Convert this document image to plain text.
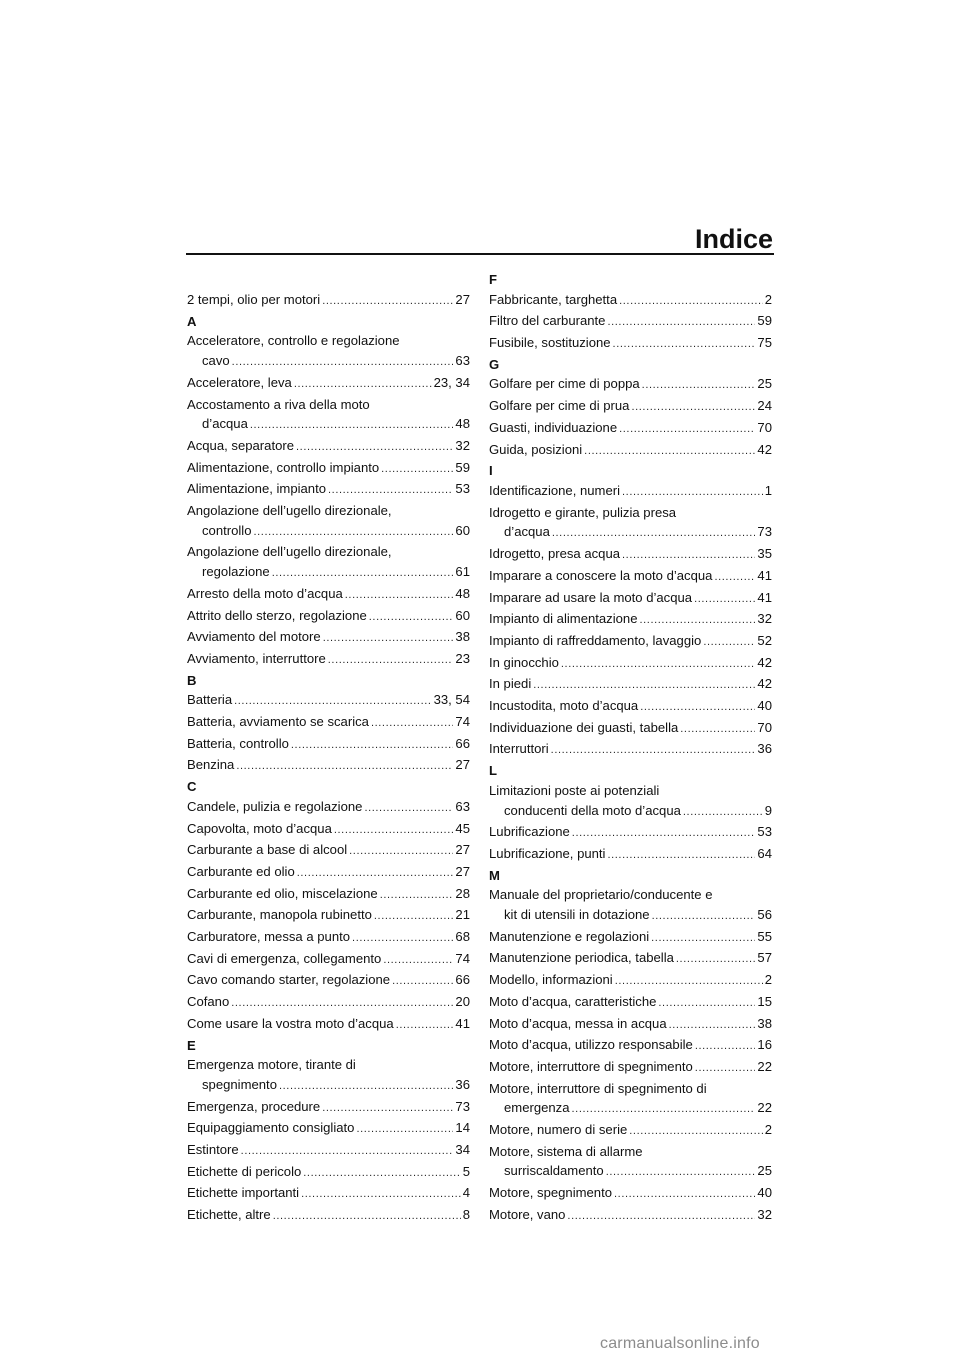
Indice
2 tempi, olio per motori .....	27
A
Acceleratore, controllo e regolazione
cavo .....	63
Acceleratore, leva .....	23, 34
Accostamento a riva della moto
d’acqua .....	48
Acqua, separatore .....	32
Alimentazione, controllo impianto .....	59
Alimentazione, impianto .....	53
Angolazione dell’ugello direzionale,
controllo .....	60
Angolazione dell’ugello direzionale,
regolazione .....	61
Arresto della moto d’acqua .....	48
Attrito dello sterzo, regolazione .....	60
Avviamento del motore .....	38
Avviamento, interruttore .....	23
B
Batteria .....	33, 54
Batteria, avviamento se scarica .....	74
Batteria, controllo .....	66
Benzina .....	27
C
Candele, pulizia e regolazione .....	63
Capovolta, moto d’acqua .....	45
Carburante a base di alcool .....	27
Carburante ed olio .....	27
Carburante ed olio, miscelazione .....	28
Carburante, manopola rubinetto .....	21
Carburatore, messa a punto .....	68
Cavi di emergenza, collegamento .....	74
Cavo comando starter, regolazione .....	66
Cofano .....	20
Come usare la vostra moto d’acqua .....	41
E
Emergenza motore, tirante di
spegnimento .....	36
Emergenza, procedure .....	73
Equipaggiamento consigliato .....	14
Estintore .....	34
Etichette di pericolo .....	5
Etichette importanti .....	4
Etichette, altre .....	8
F
Fabbricante, targhetta .....	2
Filtro del carburante .....	59
Fusibile, sostituzione .....	75
G
Golfare per cime di poppa .....	25
Golfare per cime di prua .....	24
Guasti, individuazione .....	70
Guida, posizioni .....	42
I
Identificazione, numeri .....	1
Idrogetto e girante, pulizia presa
d’acqua .....	73
Idrogetto, presa acqua .....	35
Imparare a conoscere la moto d’acqua .....	41
Imparare ad usare la moto d’acqua .....	41
Impianto di alimentazione .....	32
Impianto di raffreddamento, lavaggio .....	52
In ginocchio .....	42
In piedi .....	42
Incustodita, moto d’acqua .....	40
Individuazione dei guasti, tabella .....	70
Interruttori .....	36
L
Limitazioni poste ai potenziali
conducenti della moto d’acqua .....	9
Lubrificazione .....	53
Lubrificazione, punti .....	64
M
Manuale del proprietario/conducente e
kit di utensili in dotazione .....	56
Manutenzione e regolazioni .....	55
Manutenzione periodica, tabella .....	57
Modello, informazioni .....	2
Moto d’acqua, caratteristiche .....	15
Moto d’acqua, messa in acqua .....	38
Moto d’acqua, utilizzo responsabile .....	16
Motore, interruttore di spegnimento .....	22
Motore, interruttore di spegnimento di
emergenza .....	22
Motore, numero di serie .....	2
Motore, sistema di allarme
surriscaldamento .....	25
Motore, spegnimento .....	40
Motore, vano .....	32
carmanualsonline.info
